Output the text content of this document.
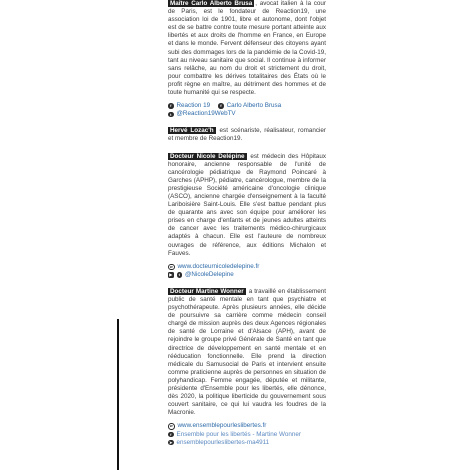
Maître Carlo Alberto Brusa , avocat italien à la cour de Paris, est le fondateur de Reaction19, une association loi de 1901, libre et autonome, dont l'objet est de se battre contre toute mesure portant atteinte aux libertés et aux droits de l'homme en France, en Europe et dans le monde. Fervent défenseur des citoyens ayant subi des dommages lors de la pandémie de la Covid-19, tant au niveau sanitaire que social. Il continue à informer sans relâche, au nom du droit et strictement du droit, pour combattre les dérives totalitaires des États où le profit règne en maître, au détriment des hommes et de toute humanité qui se respecte.

f Reaction 19	f Carlo Alberto Brusa
t @Reaction19WebTV

Hervé Lozac'h est scénariste, réalisateur, romancier et membre de Reaction19.

Docteur Nicole Delépine est médecin des Hôpitaux honoraire, ancienne responsable de l'unité de cancérologie pédiatrique de Raymond Poincaré à Garches (APHP), pédiatre, cancérologue, membre de la prestigieuse Société américaine d'oncologie clinique (ASCO), ancienne chargée d'enseignement à la faculté Lariboisière Saint-Louis. Elle s'est battue pendant plus de quarante ans avec son équipe pour améliorer les prises en charge d'enfants et de jeunes adultes atteints de cancer avec les traitements médico-chirurgicaux adaptés à chacun. Elle est l'auteure de nombreux ouvrages de référence, aux éditions Michalon et Fauves.

w www.docteurnicoledelepine.fr
▶	t @NicoleDelepine

Docteur Martine Wonner a travaillé en établissement public de santé mentale en tant que psychiatre et psychothérapeute. Après plusieurs années, elle décide de poursuivre sa carrière comme médecin conseil chargé de mission auprès des deux Agences régionales de santé de Lorraine et d'Alsace (APH), avant de rejoindre le groupe privé Générale de Santé en tant que directrice de développement en santé mentale et en rééducation fonctionnelle. Elle prend la direction médicale du Samusocial de Paris et intervient ensuite comme praticienne auprès de personnes en situation de polyhandicap. Femme engagée, députée et militante, présidente d'Ensemble pour les libertés, elle dénonce, dès 2020, la politique liberticide du gouvernement sous couvert sanitaire, ce qui lui vaudra les foudres de la Macronie.

w www.ensemblepourleslibertes.fr
f Ensemble pour les libertés - Martine Wonner
➤ ensemblepourleslibertes-ma4911
